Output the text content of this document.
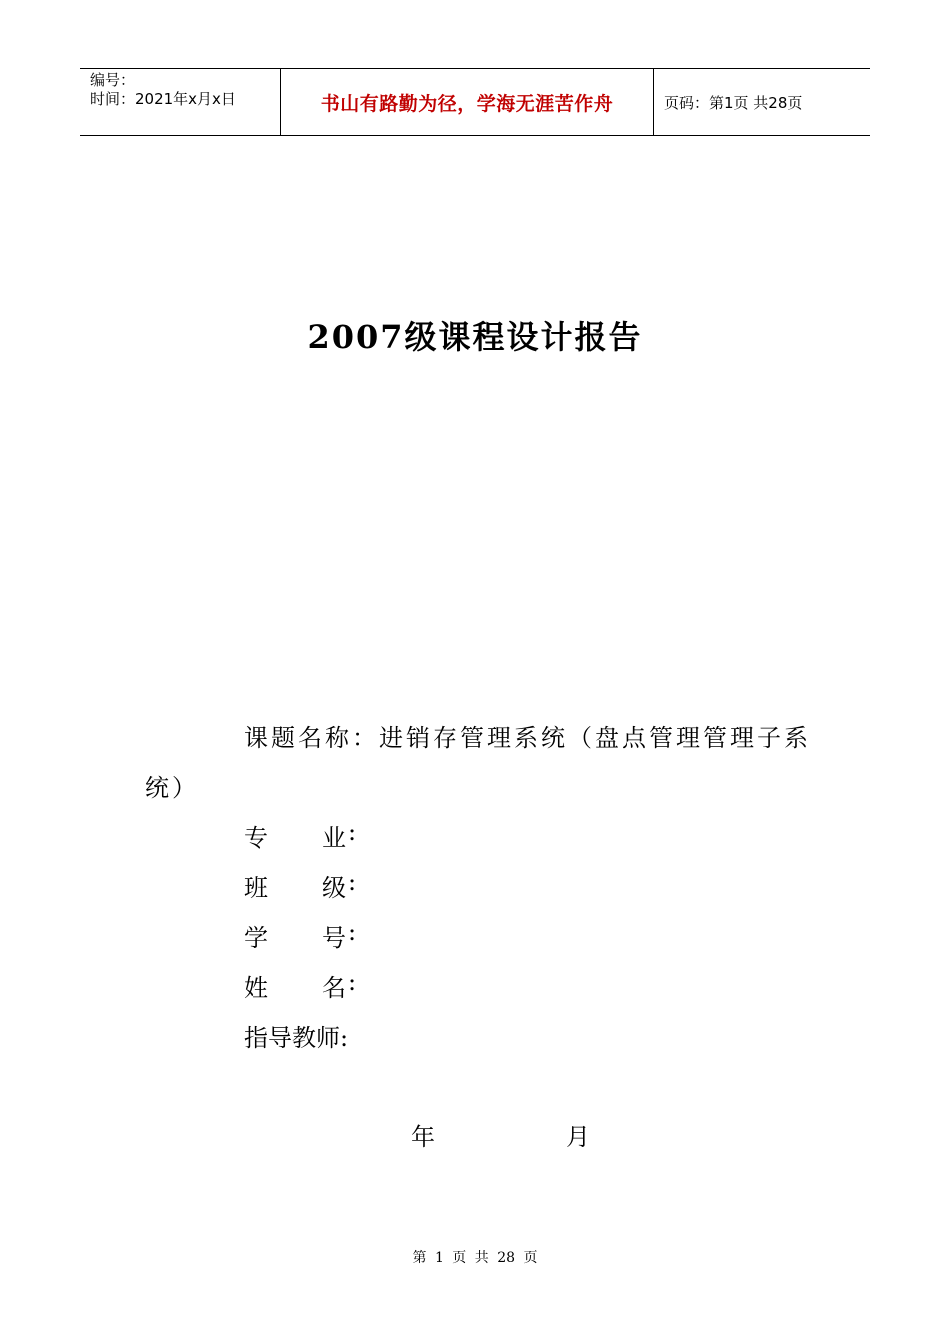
编号：
时间：2021年x月x日	书山有路勤为径，学海无涯苦作舟	页码：第1页 共28页
2007级课程设计报告
课题名称：进销存管理系统（盘点管理管理子系
统）
专 业 :
班 级 :
学 号 :
姓 名 :
指导教师:
年	月
第 1 页 共 28 页
